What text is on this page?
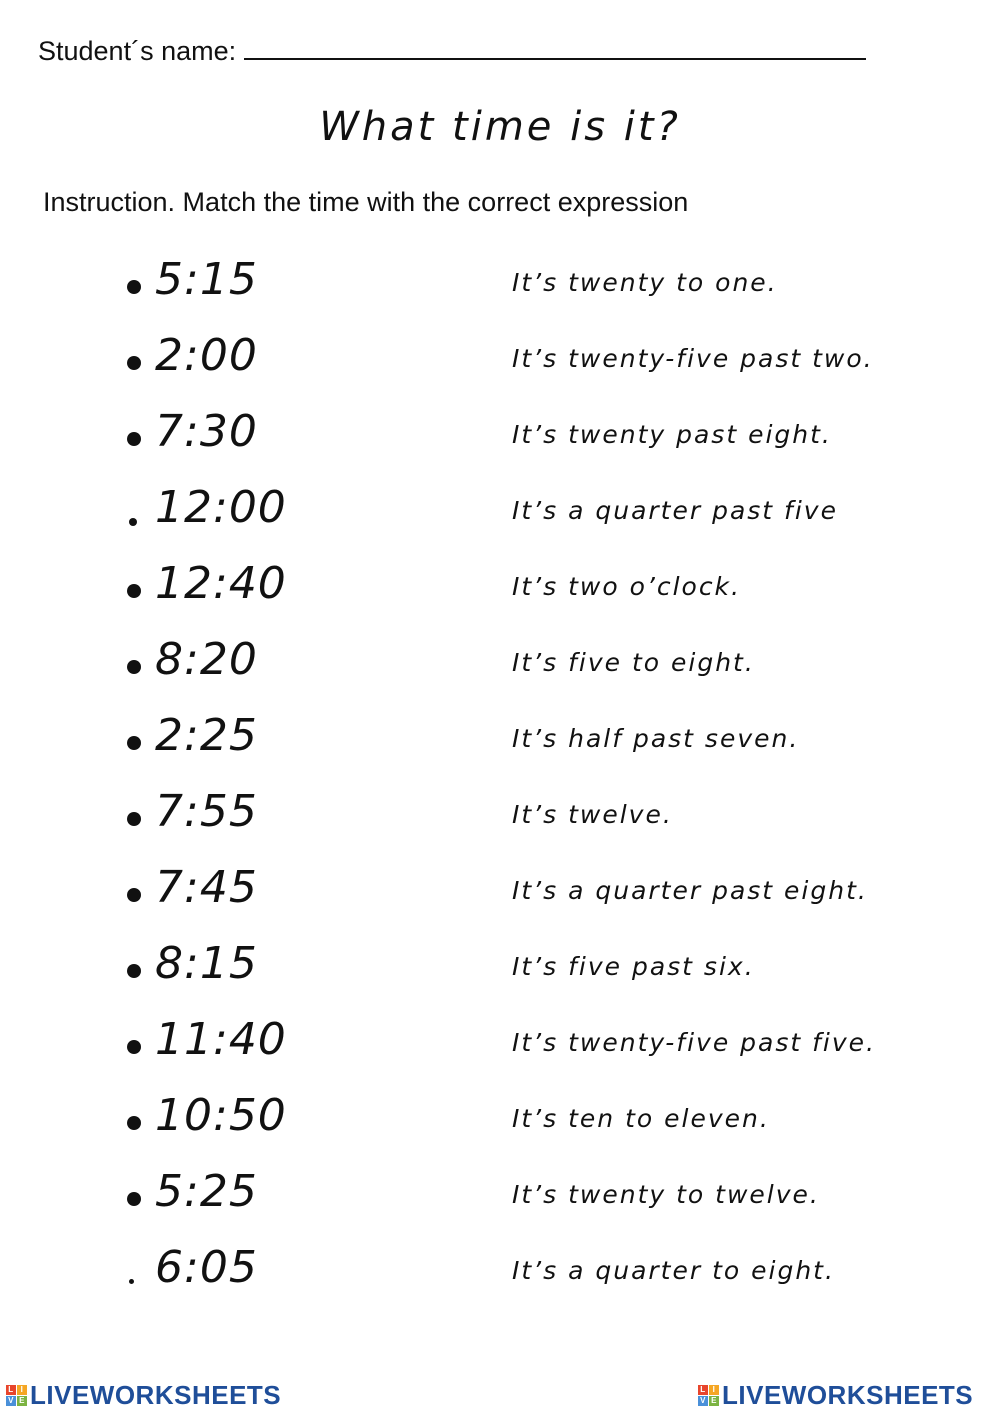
Student´s name:
What time is it?
Instruction. Match the time with the correct expression
5:15	It’s twenty to one.
2:00	It’s twenty-five past two.
7:30	It’s twenty past eight.
12:00	It’s a quarter past five
12:40	It’s two o’clock.
8:20	It’s five to eight.
2:25	It’s half past seven.
7:55	It’s twelve.
7:45	It’s a quarter past eight.
8:15	It’s five past six.
11:40	It’s twenty-five past five.
10:50	It’s ten to eleven.
5:25	It’s twenty to twelve.
6:05	It’s a quarter to eight.
L I
V E LIVEWORKSHEETS	L I
V E LIVEWORKSHEETS
